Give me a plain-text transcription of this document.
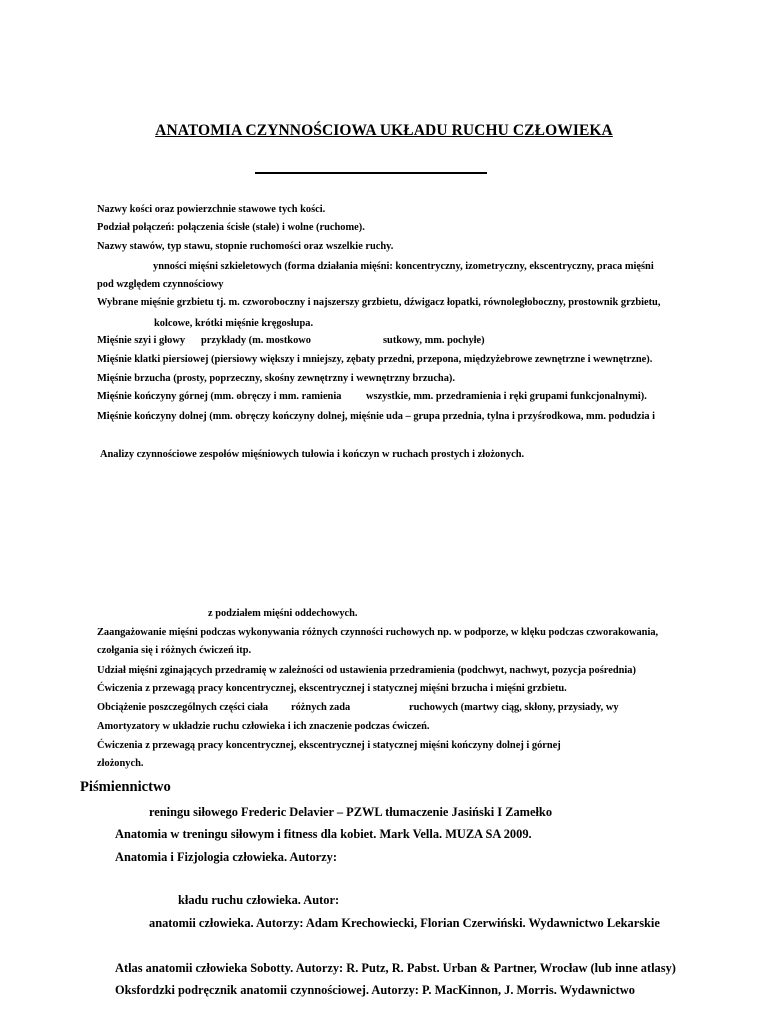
ANATOMIA CZYNNOŚCIOWA UKŁADU RUCHU CZŁOWIEKA
Nazwy kości oraz powierzchnie stawowe tych kości.
Podział połączeń: połączenia ścisłe (stałe) i wolne (ruchome).
Nazwy stawów, typ stawu, stopnie ruchomości oraz wszelkie ruchy.
ynności mięśni szkieletowych (forma działania mięśni: koncentryczny, izometryczny, ekscentryczny, praca mięśni
pod względem czynnościowy
Wybrane mięśnie grzbietu tj. m. czworoboczny i najszerszy grzbietu, dźwigacz łopatki, równoległoboczny, prostownik grzbietu,
kolcowe, krótki mięśnie kręgosłupa.
Mięśnie szyi i głowy przykłady (m. mostkowo	sutkowy, mm. pochyłe)
Mięśnie klatki piersiowej (piersiowy większy i mniejszy, zębaty przedni, przepona, międzyżebrowe zewnętrzne i wewnętrzne).
Mięśnie brzucha (prosty, poprzeczny, skośny zewnętrzny i wewnętrzny brzucha).
Mięśnie kończyny górnej (mm. obręczy i mm. ramienia wszystkie, mm. przedramienia i ręki grupami funkcjonalnymi).
Mięśnie kończyny dolnej (mm. obręczy kończyny dolnej, mięśnie uda – grupa przednia, tylna i przyśrodkowa, mm. podudzia i
Analizy czynnościowe zespołów mięśniowych tułowia i kończyn w ruchach prostych i złożonych.
z podziałem mięśni oddechowych.
Zaangażowanie mięśni podczas wykonywania różnych czynności ruchowych np. w podporze, w klęku podczas czworakowania,
czołgania się i różnych ćwiczeń itp.
Udział mięśni zginających przedramię w zależności od ustawienia przedramienia (podchwyt, nachwyt, pozycja pośrednia)
Ćwiczenia z przewagą pracy koncentrycznej, ekscentrycznej i statycznej mięśni brzucha i mięśni grzbietu.
Obciążenie poszczególnych części ciała różnych zada	ruchowych (martwy ciąg, skłony, przysiady, wy
Amortyzatory w układzie ruchu człowieka i ich znaczenie podczas ćwiczeń.
Ćwiczenia z przewagą pracy koncentrycznej, ekscentrycznej i statycznej mięśni kończyny dolnej i górnej
złożonych.
Piśmiennictwo
reningu siłowego Frederic Delavier – PZWL tłumaczenie Jasiński I Zamełko
Anatomia w treningu siłowym i fitness dla kobiet. Mark Vella. MUZA SA 2009.
Anatomia i Fizjologia człowieka. Autorzy:
kładu ruchu człowieka. Autor:
anatomii człowieka. Autorzy: Adam Krechowiecki, Florian Czerwiński. Wydawnictwo Lekarskie
Atlas anatomii człowieka Sobotty. Autorzy: R. Putz, R. Pabst. Urban & Partner, Wrocław (lub inne atlasy)
Oksfordzki podręcznik anatomii czynnościowej. Autorzy: P. MacKinnon, J. Morris. Wydawnictwo
